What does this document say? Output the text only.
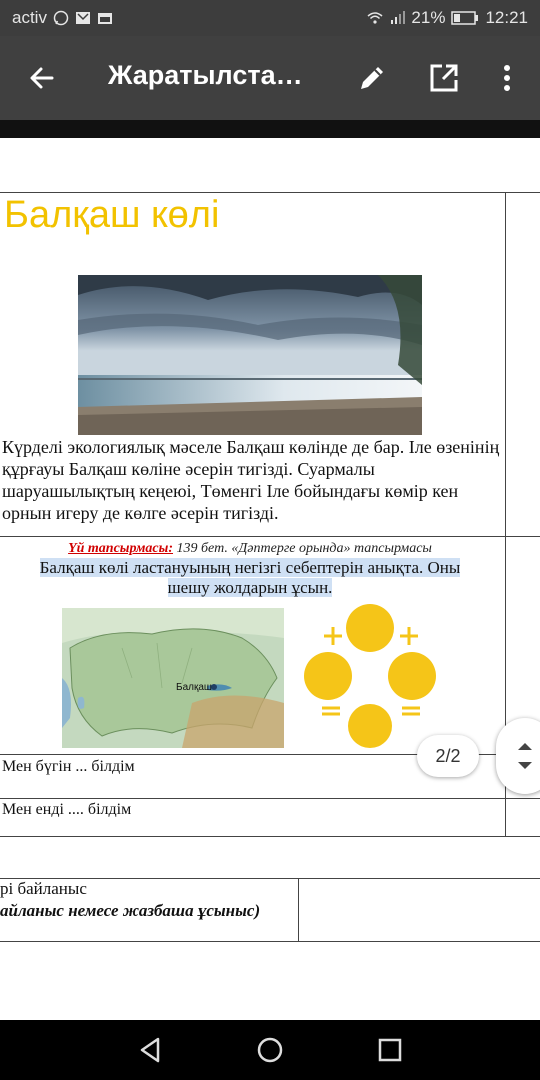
activ	21% 12:21
Жаратылста…
Балқаш көлі
Күрделі экологиялық мәселе Балқаш көлінде де бар. Іле өзенінің құрғауы Балқаш көліне әсерін тигізді. Суармалы шаруашылықтың кеңеюі, Төменгі Іле бойындағы көмір кен орнын игеру де көлге әсерін тигізді.
Үй тапсырмасы: 139 бет. «Дәптерге орында» тапсырмасы
Балқаш көлі ластануының негізгі себептерін анықта. Оны
шешу жолдарын ұсын.
Балқаш
Мен бүгін ... білдім
Мен енді .... білдім
рі байланыс
айланыс немесе жазбаша ұсыныс)
2/2
